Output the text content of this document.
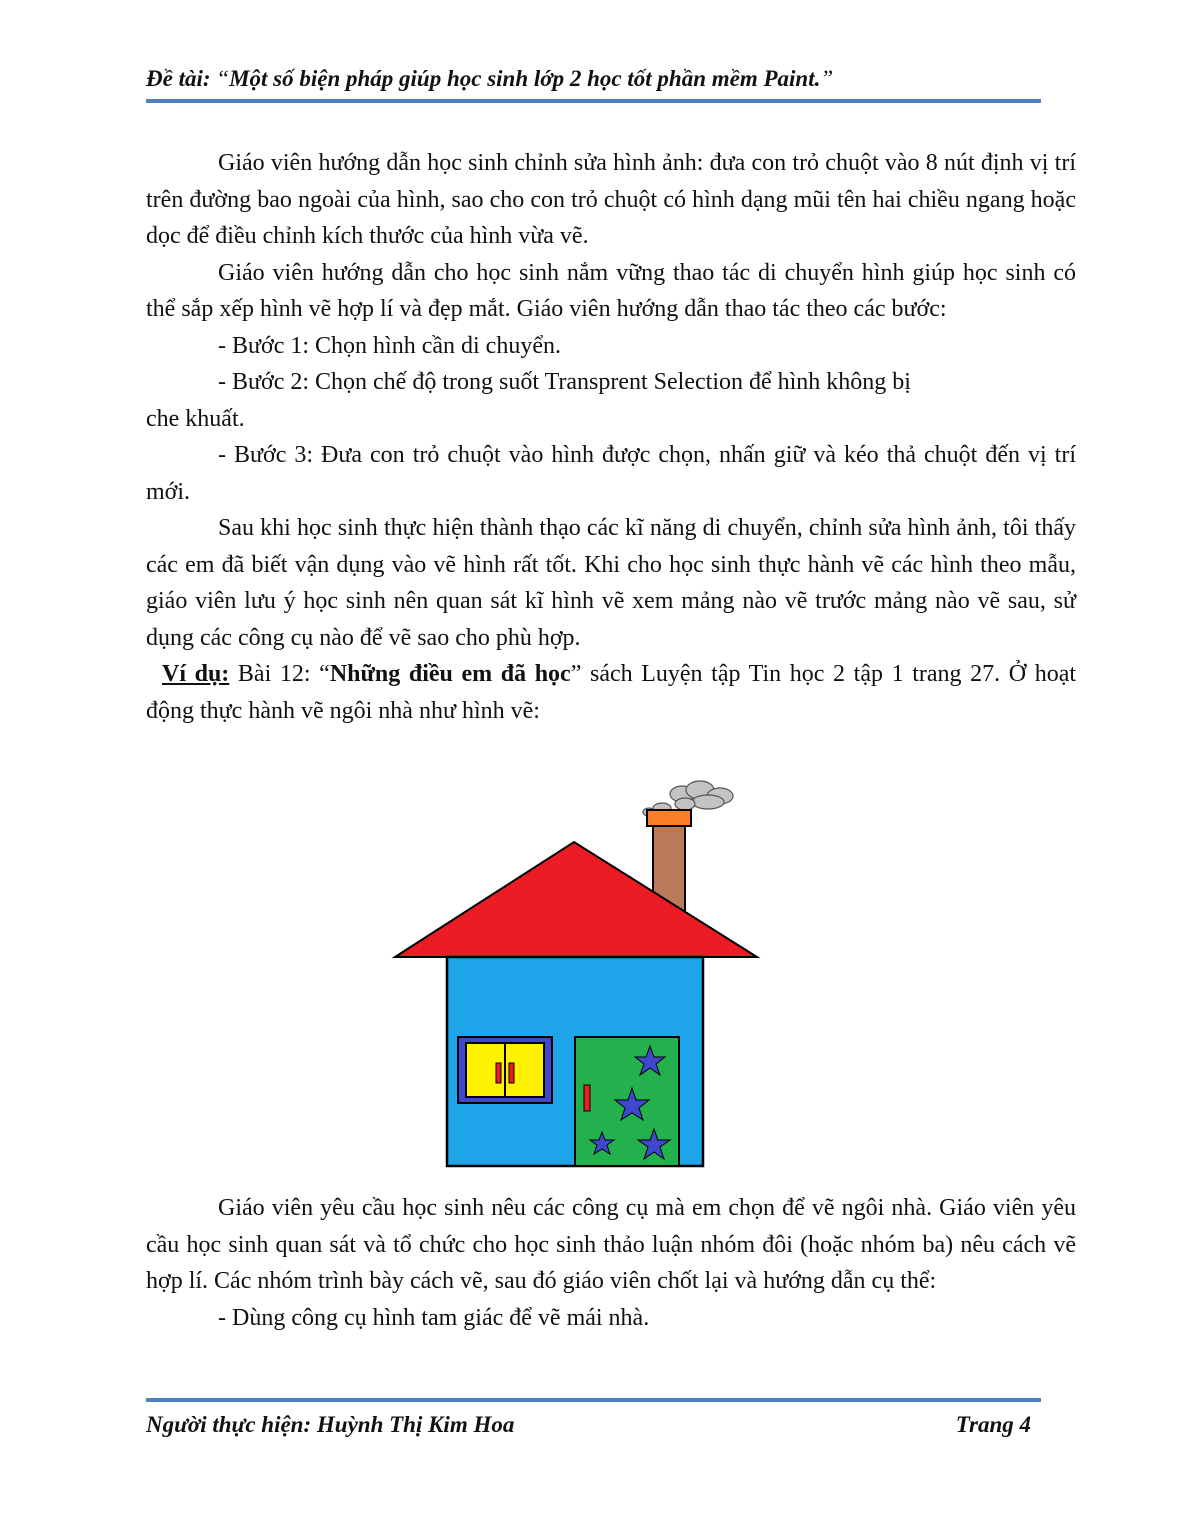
Đề tài: “Một số biện pháp giúp học sinh lớp 2 học tốt phần mềm Paint.”

Giáo viên hướng dẫn học sinh chỉnh sửa hình ảnh: đưa con trỏ chuột vào 8 nút định vị trí trên đường bao ngoài của hình, sao cho con trỏ chuột có hình dạng mũi tên hai chiều ngang hoặc dọc để điều chỉnh kích thước của hình vừa vẽ.

Giáo viên hướng dẫn cho học sinh nắm vững thao tác di chuyển hình giúp học sinh có thể sắp xếp hình vẽ hợp lí và đẹp mắt. Giáo viên hướng dẫn thao tác theo các bước:

- Bước 1: Chọn hình cần di chuyển.

- Bước 2: Chọn chế độ trong suốt Transprent Selection để hình không bị

che khuất.

- Bước 3: Đưa con trỏ chuột vào hình được chọn, nhấn giữ và kéo thả chuột đến vị trí mới.

Sau khi học sinh thực hiện thành thạo các kĩ năng di chuyển, chỉnh sửa hình ảnh, tôi thấy các em đã biết vận dụng vào vẽ hình rất tốt. Khi cho học sinh thực hành vẽ các hình theo mẫu, giáo viên lưu ý học sinh nên quan sát kĩ hình vẽ xem mảng nào vẽ trước mảng nào vẽ sau, sử dụng các công cụ nào để vẽ sao cho phù hợp.

Ví dụ: Bài 12: “Những điều em đã học” sách Luyện tập Tin học 2 tập 1 trang 27. Ở hoạt động thực hành vẽ ngôi nhà như hình vẽ:

Giáo viên yêu cầu học sinh nêu các công cụ mà em chọn để vẽ ngôi nhà. Giáo viên yêu cầu học sinh quan sát và tổ chức cho học sinh thảo luận nhóm đôi (hoặc nhóm ba) nêu cách vẽ hợp lí. Các nhóm trình bày cách vẽ, sau đó giáo viên chốt lại và hướng dẫn cụ thể:

- Dùng công cụ hình tam giác để vẽ mái nhà.

Người thực hiện: Huỳnh Thị Kim Hoa	Trang 4
